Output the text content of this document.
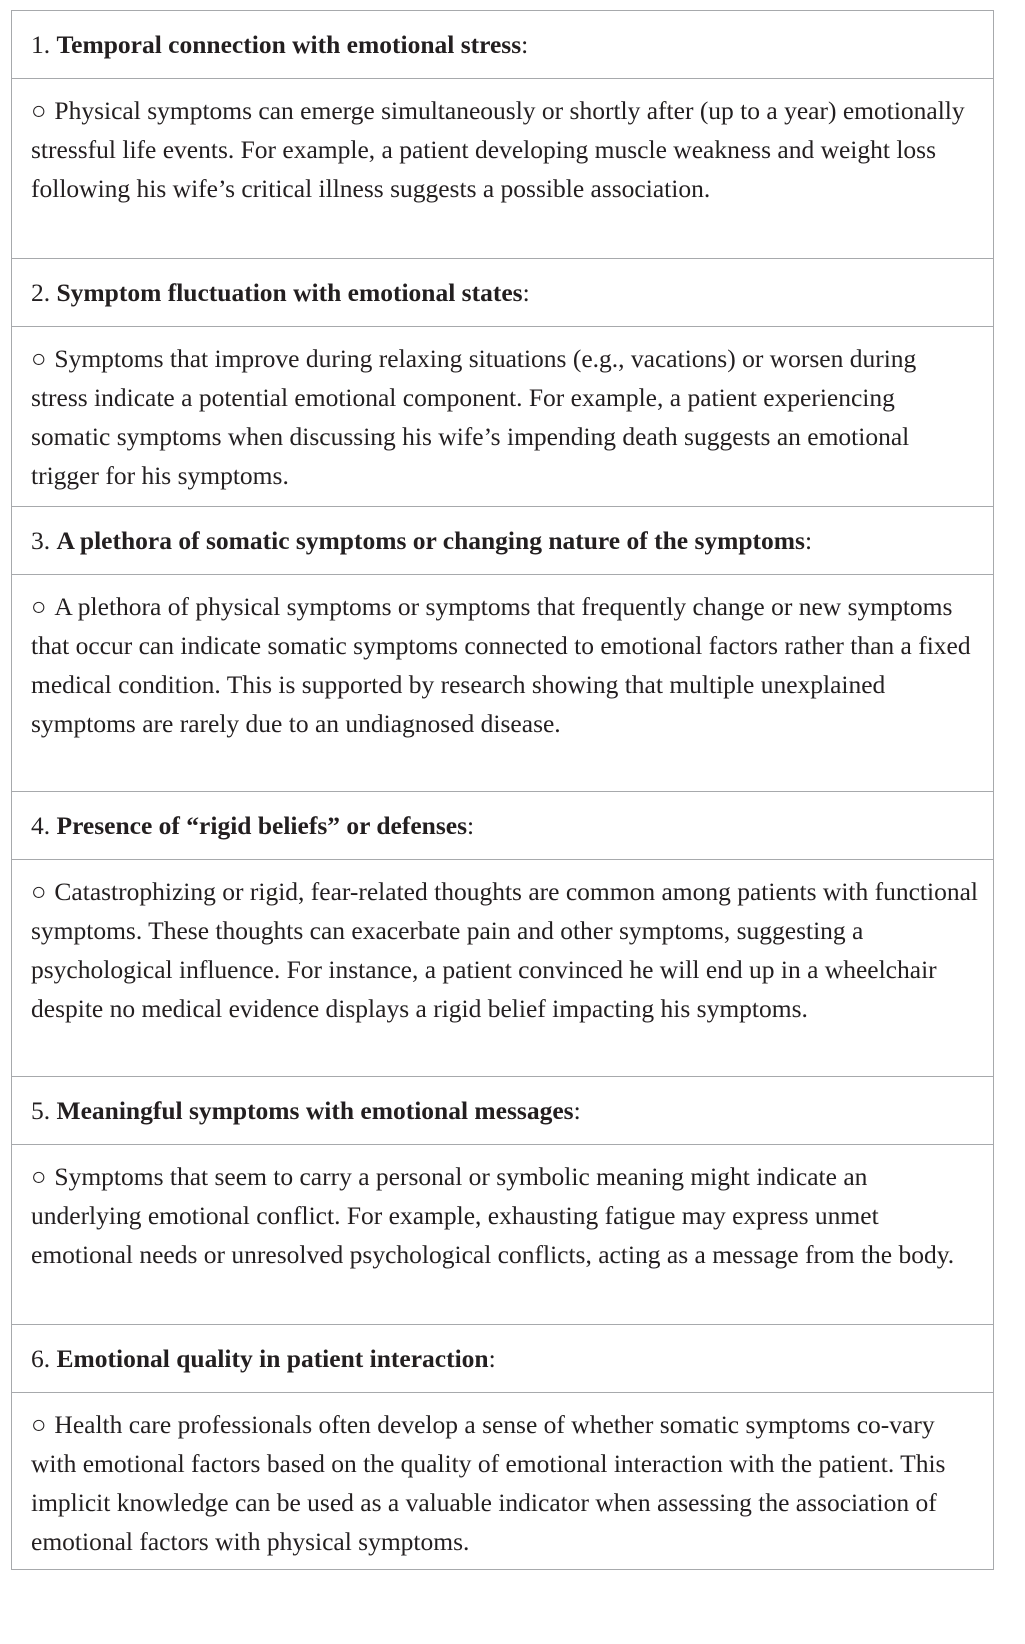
1. Temporal connection with emotional stress:
○ Physical symptoms can emerge simultaneously or shortly after (up to a year) emotionally stressful life events. For example, a patient developing muscle weakness and weight loss following his wife’s critical illness suggests a possible association.
2. Symptom fluctuation with emotional states:
○ Symptoms that improve during relaxing situations (e.g., vacations) or worsen during stress indicate a potential emotional component. For example, a patient experiencing somatic symptoms when discussing his wife’s impending death suggests an emotional trigger for his symptoms.
3. A plethora of somatic symptoms or changing nature of the symptoms:
○ A plethora of physical symptoms or symptoms that frequently change or new symptoms that occur can indicate somatic symptoms connected to emotional factors rather than a fixed medical condition. This is supported by research showing that multiple unexplained symptoms are rarely due to an undiagnosed disease.
4. Presence of “rigid beliefs” or defenses:
○ Catastrophizing or rigid, fear-related thoughts are common among patients with functional symptoms. These thoughts can exacerbate pain and other symptoms, suggesting a psychological influence. For instance, a patient convinced he will end up in a wheelchair despite no medical evidence displays a rigid belief impacting his symptoms.
5. Meaningful symptoms with emotional messages:
○ Symptoms that seem to carry a personal or symbolic meaning might indicate an underlying emotional conflict. For example, exhausting fatigue may express unmet emotional needs or unresolved psychological conflicts, acting as a message from the body.
6. Emotional quality in patient interaction:
○ Health care professionals often develop a sense of whether somatic symptoms co-vary with emotional factors based on the quality of emotional interaction with the patient. This implicit knowledge can be used as a valuable indicator when assessing the association of emotional factors with physical symptoms.
